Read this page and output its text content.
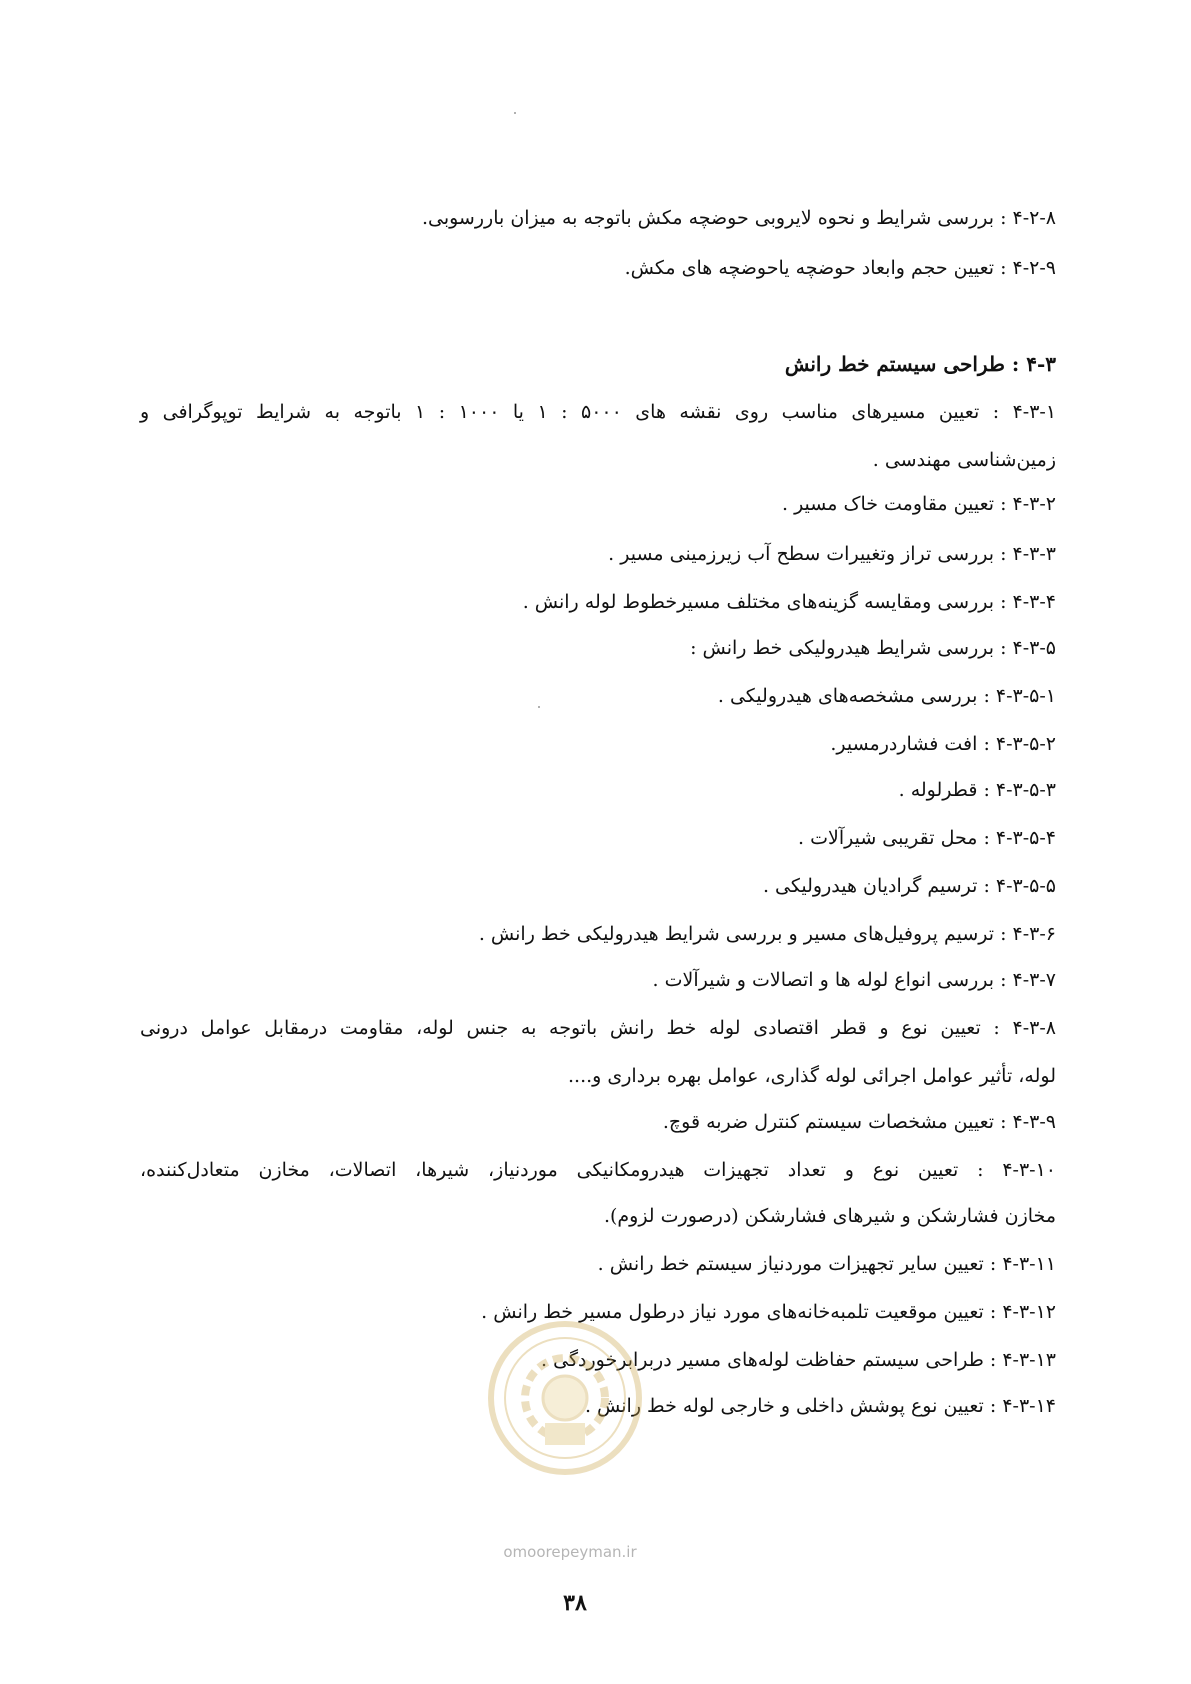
۴-۲-۸ : بررسی شرایط و نحوه لایروبی حوضچه مکش باتوجه به میزان باررسوبی.
۴-۲-۹ : تعیین حجم وابعاد حوضچه یاحوضچه های مکش.
۴-۳ : طراحی سیستم خط رانش
۴-۳-۱ : تعیین مسیرهای مناسب روی نقشه های ۵۰۰۰ : ۱ یا ۱۰۰۰ : ۱ باتوجه به شرایط توپوگرافی و
زمین‌شناسی مهندسی .
۴-۳-۲ : تعیین مقاومت خاک مسیر .
۴-۳-۳ : بررسی تراز وتغییرات سطح آب زیرزمینی مسیر .
۴-۳-۴ : بررسی ومقایسه گزینه‌های مختلف مسیرخطوط لوله رانش .
۴-۳-۵ : بررسی شرایط هیدرولیکی خط رانش :
۴-۳-۵-۱ : بررسی مشخصه‌های هیدرولیکی .
۴-۳-۵-۲ : افت فشاردرمسیر.
۴-۳-۵-۳ : قطرلوله .
۴-۳-۵-۴ : محل تقریبی شیرآلات .
۴-۳-۵-۵ : ترسیم گرادیان هیدرولیکی .
۴-۳-۶ : ترسیم پروفیل‌های مسیر و بررسی شرایط هیدرولیکی خط رانش .
۴-۳-۷ : بررسی انواع لوله ها و اتصالات و شیرآلات .
۴-۳-۸ : تعیین نوع و قطر اقتصادی لوله خط رانش باتوجه به جنس لوله، مقاومت درمقابل عوامل درونی
لوله، تأثیر عوامل اجرائی لوله گذاری، عوامل بهره برداری و....
۴-۳-۹ : تعیین مشخصات سیستم کنترل ضربه قوچ.
۴-۳-۱۰ : تعیین نوع و تعداد تجهیزات هیدرومکانیکی موردنیاز، شیرها، اتصالات، مخازن متعادل‌کننده،
مخازن فشارشکن و شیرهای فشارشکن (درصورت لزوم).
۴-۳-۱۱ : تعیین سایر تجهیزات موردنیاز سیستم خط رانش .
۴-۳-۱۲ : تعیین موقعیت تلمبه‌خانه‌های مورد نیاز درطول مسیر خط رانش .
۴-۳-۱۳ : طراحی سیستم حفاظت لوله‌های مسیر دربرابرخوردگی .
۴-۳-۱۴ : تعیین نوع پوشش داخلی و خارجی لوله خط رانش .
omoorepeyman.ir
۳۸
